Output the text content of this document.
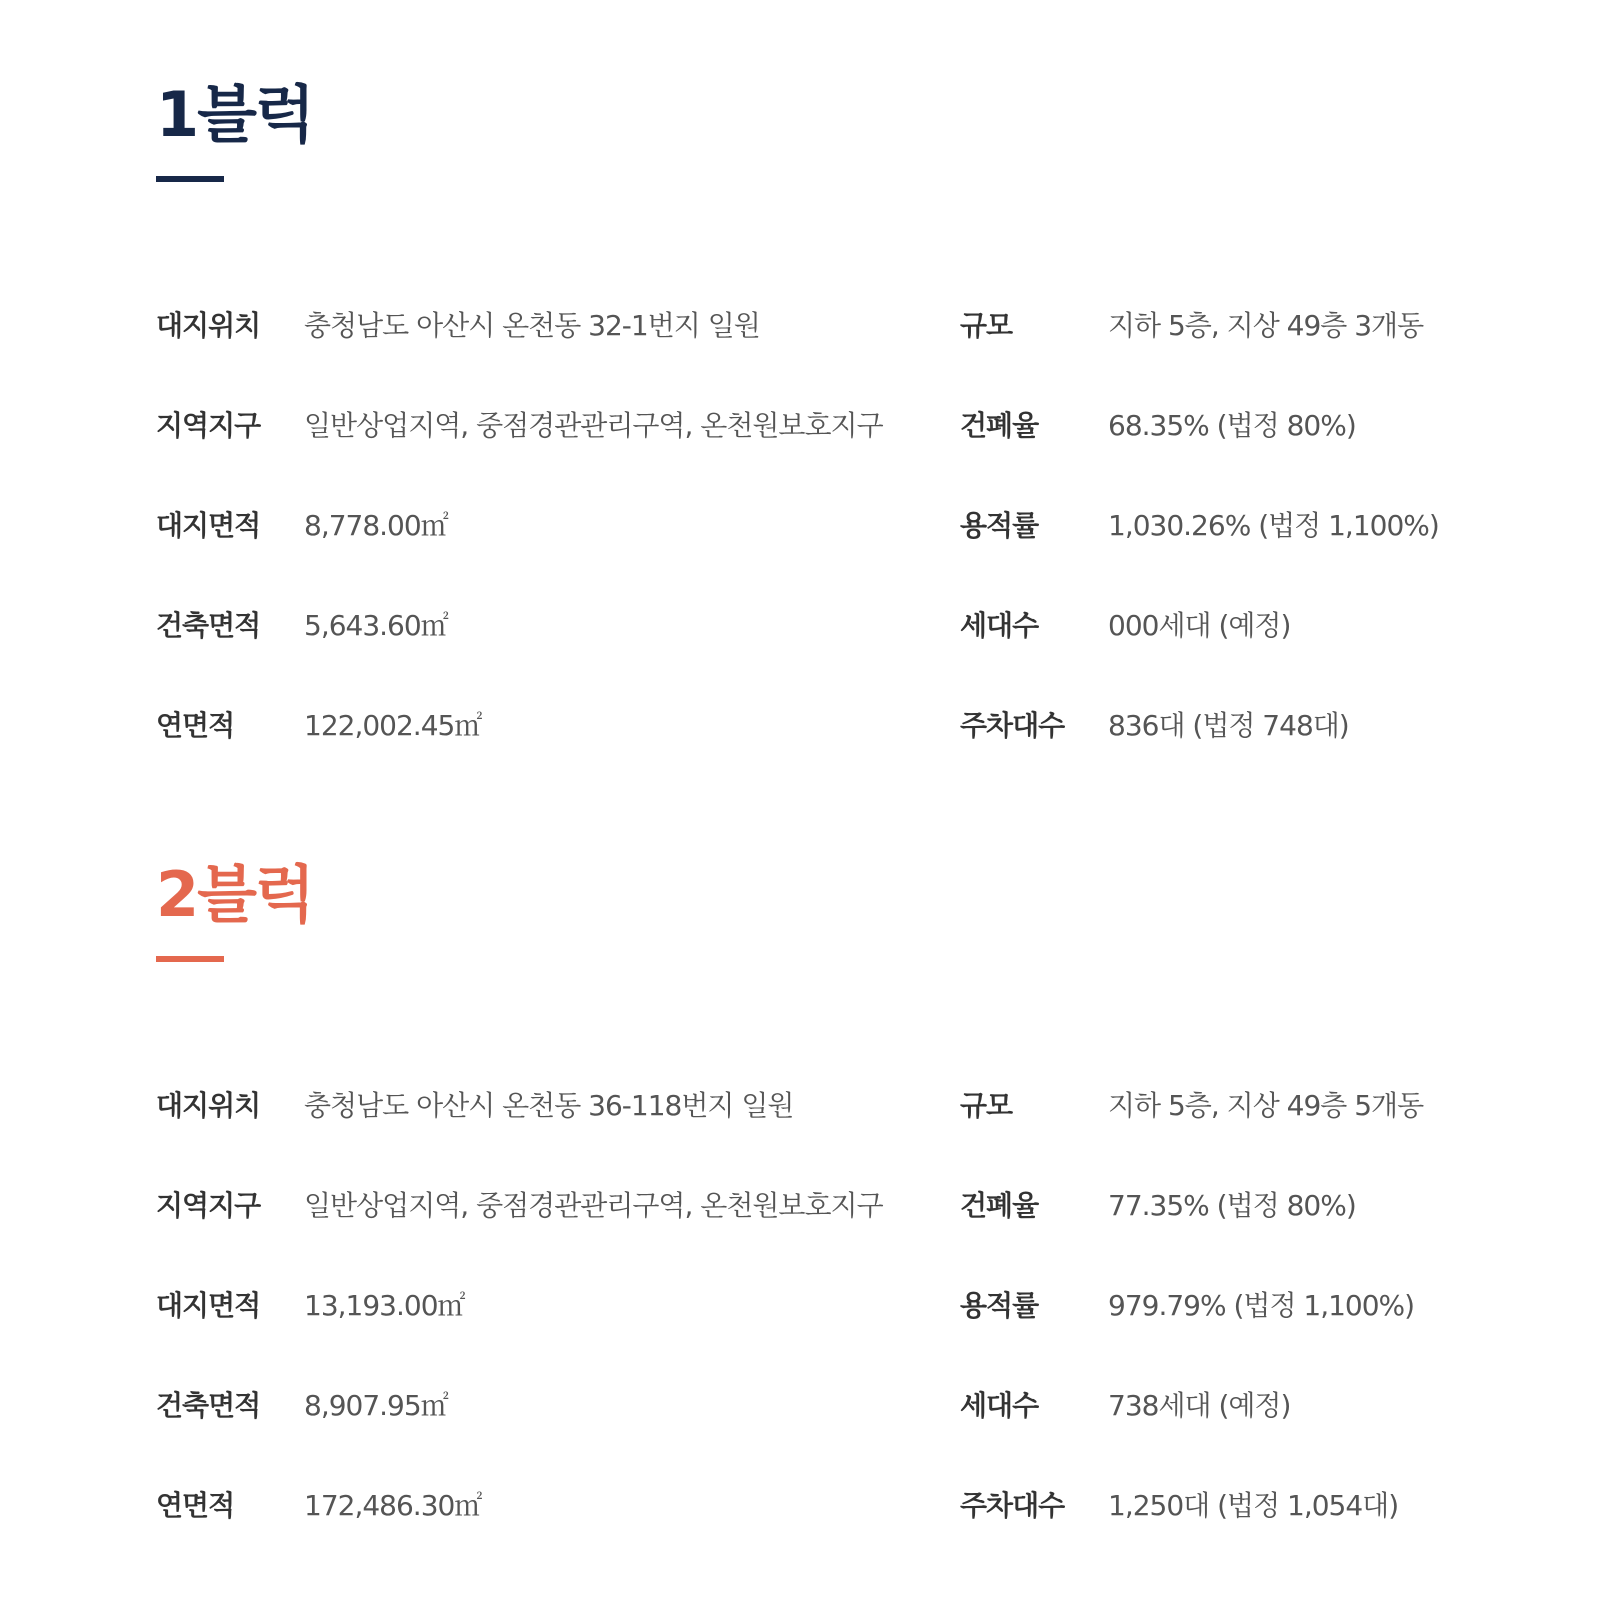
1블럭
대지위치	충청남도 아산시 온천동 32-1번지 일원
지역지구	일반상업지역, 중점경관관리구역, 온천원보호지구
대지면적	8,778.00㎡
건축면적	5,643.60㎡
연면적	122,002.45㎡
규모	지하 5층, 지상 49층 3개동
건폐율	68.35% (법정 80%)
용적률	1,030.26% (법정 1,100%)
세대수	000세대 (예정)
주차대수	836대 (법정 748대)
2블럭
대지위치	충청남도 아산시 온천동 36-118번지 일원
지역지구	일반상업지역, 중점경관관리구역, 온천원보호지구
대지면적	13,193.00㎡
건축면적	8,907.95㎡
연면적	172,486.30㎡
규모	지하 5층, 지상 49층 5개동
건폐율	77.35% (법정 80%)
용적률	979.79% (법정 1,100%)
세대수	738세대 (예정)
주차대수	1,250대 (법정 1,054대)
